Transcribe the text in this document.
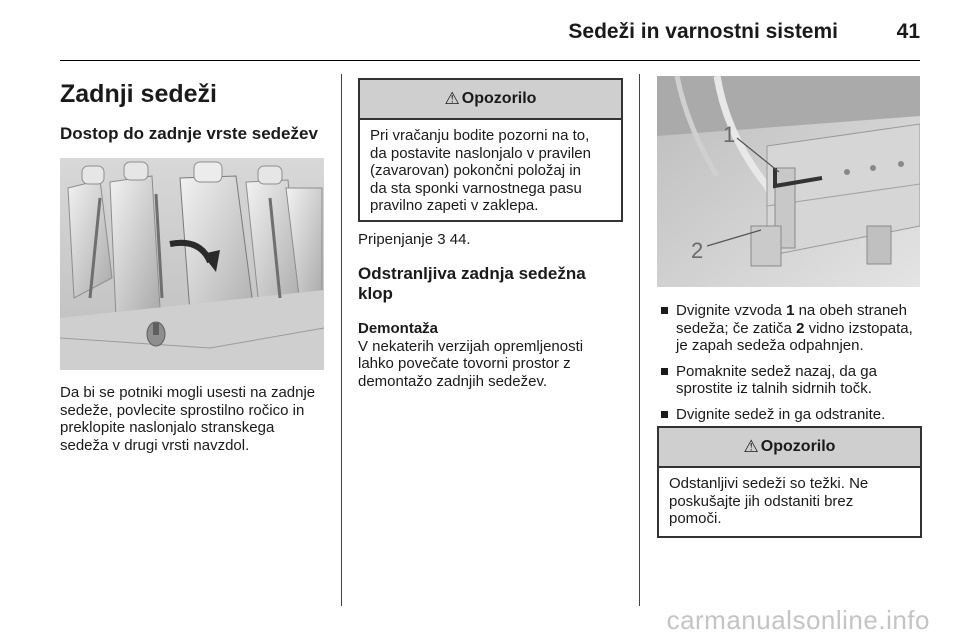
Sedeži in varnostni sistemi	41
Zadnji sedeži
Dostop do zadnje vrste sedežev
Da bi se potniki mogli usesti na zadnje
sedeže, povlecite sprostilno ročico in
preklopite naslonjalo stranskega
sedeža v drugi vrsti navzdol.
⚠ Opozorilo
Pri vračanju bodite pozorni na to,
da postavite naslonjalo v pravilen
(zavarovan) pokončni položaj in
da sta sponki varnostnega pasu
pravilno zapeti v zaklepa.
Pripenjanje 3 44.
Odstranljiva zadnja sedežna
klop
Demontaža
V nekaterih verzijah opremljenosti
lahko povečate tovorni prostor z
demontažo zadnjih sedežev.
1
2
Dvignite vzvoda 1 na obeh straneh sedeža; če zatiča 2 vidno izstopata, je zapah sedeža odpahnjen.
Pomaknite sedež nazaj, da ga sprostite iz talnih sidrnih točk.
Dvignite sedež in ga odstranite.
⚠ Opozorilo
Odstanljivi sedeži so težki. Ne
poskušajte jih odstaniti brez
pomoči.
carmanualsonline.info
